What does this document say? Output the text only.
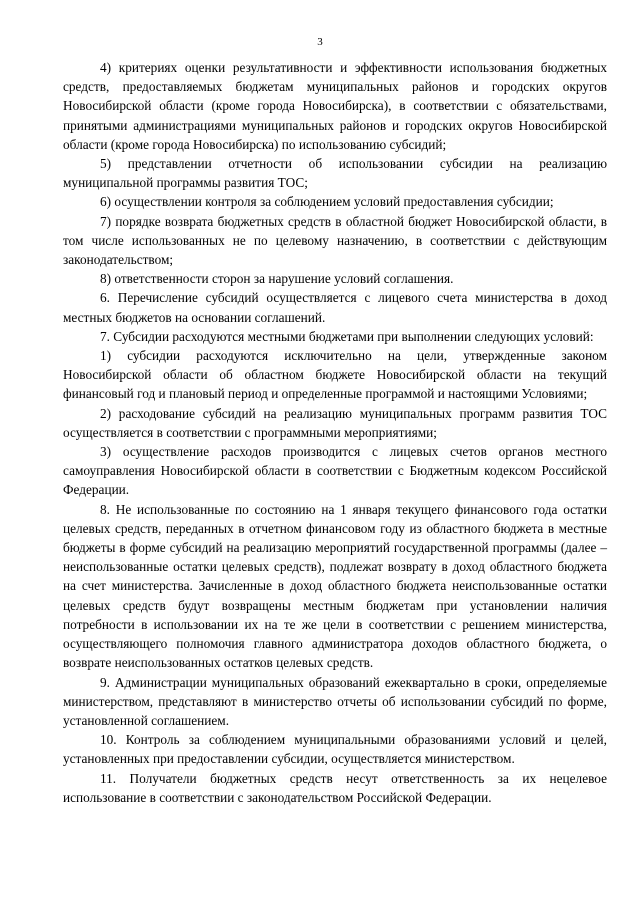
3

4) критериях оценки результативности и эффективности использования бюджетных средств, предоставляемых бюджетам муниципальных районов и городских округов Новосибирской области (кроме города Новосибирска), в соответствии с обязательствами, принятыми администрациями муниципальных районов и городских округов Новосибирской области (кроме города Новосибирска) по использованию субсидий;

5) представлении отчетности об использовании субсидии на реализацию муниципальной программы развития ТОС;

6) осуществлении контроля за соблюдением условий предоставления субсидии;

7) порядке возврата бюджетных средств в областной бюджет Новосибирской области, в том числе использованных не по целевому назначению, в соответствии с действующим законодательством;

8) ответственности сторон за нарушение условий соглашения.

6. Перечисление субсидий осуществляется с лицевого счета министерства в доход местных бюджетов на основании соглашений.

7. Субсидии расходуются местными бюджетами при выполнении следующих условий:

1) субсидии расходуются исключительно на цели, утвержденные законом Новосибирской области об областном бюджете Новосибирской области на текущий финансовый год и плановый период и определенные программой и настоящими Условиями;

2) расходование субсидий на реализацию муниципальных программ развития ТОС осуществляется в соответствии с программными мероприятиями;

3) осуществление расходов производится с лицевых счетов органов местного самоуправления Новосибирской области в соответствии с Бюджетным кодексом Российской Федерации.

8. Не использованные по состоянию на 1 января текущего финансового года остатки целевых средств, переданных в отчетном финансовом году из областного бюджета в местные бюджеты в форме субсидий на реализацию мероприятий государственной программы (далее – неиспользованные остатки целевых средств), подлежат возврату в доход областного бюджета на счет министерства. Зачисленные в доход областного бюджета неиспользованные остатки целевых средств будут возвращены местным бюджетам при установлении наличия потребности в использовании их на те же цели в соответствии с решением министерства, осуществляющего полномочия главного администратора доходов областного бюджета, о возврате неиспользованных остатков целевых средств.

9. Администрации муниципальных образований ежеквартально в сроки, определяемые министерством, представляют в министерство отчеты об использовании субсидий по форме, установленной соглашением.

10. Контроль за соблюдением муниципальными образованиями условий и целей, установленных при предоставлении субсидии, осуществляется министерством.

11. Получатели бюджетных средств несут ответственность за их нецелевое использование в соответствии с законодательством Российской Федерации.
